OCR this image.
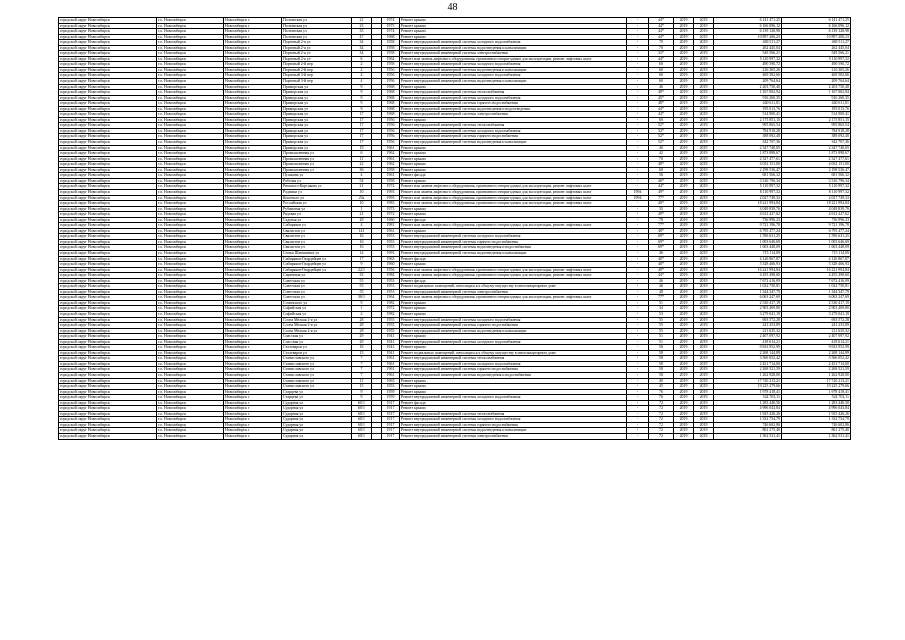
48
городской округ Новосибирск	г.о. Новосибирск	Новосибирск г	Полтавская ул	21		1974	Ремонт крыши	-	44*	2019	2019	6 141 471,25	6 141 471,25
городской округ Новосибирск	г.о. Новосибирск	Новосибирск г	Полтавская ул	23		1975	Ремонт крыши	-	44*	2019	2019	6 166 096,12	6 166 096,12
городской округ Новосибирск	г.о. Новосибирск	Новосибирск г	Полтавская ул	35		1974	Ремонт крыши	-	44*	2019	2019	6 139 128,98	6 139 128,98
городской округ Новосибирск	г.о. Новосибирск	Новосибирск г	Полтавская ул	47		1968	Ремонт крыши	-	44*	2019	2019	10 897 206,23	10 897 206,23
городской округ Новосибирск	г.о. Новосибирск	Новосибирск г	Портовый 2-я ул	34		1958	Ремонт внутридомовой инженерной системы холодного водоснабжения	-	70	2019	2019	469 511,27	469 511,27
городской округ Новосибирск	г.о. Новосибирск	Новосибирск г	Портовый 2-я ул	34		1958	Ремонт внутридомовой инженерной системы водоотведения и канализации	-	70	2019	2019	262 445,04	262 445,04
городской округ Новосибирск	г.о. Новосибирск	Новосибирск г	Портовый 2-я ул	34		1958	Ремонт внутридомовой инженерной системы электроснабжения	-	33*	2019	2019	549 566,21	549 566,21
городской округ Новосибирск	г.о. Новосибирск	Новосибирск г	Портовый 2-я ул	6		1964	Ремонт или замена лифтового оборудования, признанного непригодным для эксплуатации, ремонт лифтовых шахт	-	44*	2019	2019	5 110 997,32	5 110 997,32
городской округ Новосибирск	г.о. Новосибирск	Новосибирск г	Портовый 2-й пер	2		1958	Ремонт внутридомовой инженерной системы холодного водоснабжения	-	60	2019	2019	490 590,72	490 590,72
городской округ Новосибирск	г.о. Новосибирск	Новосибирск г	Портовый 2-й пер	2		1956	Ремонт внутридомовой инженерной системы водоотведения и канализации	-	60	2019	2019	216 365,26	216 365,26
городской округ Новосибирск	г.о. Новосибирск	Новосибирск г	Портовый 3-й пер	4		1956	Ремонт внутридомовой инженерной системы холодного водоснабжения	-	60	2019	2019	469 582,66	469 582,66
городской округ Новосибирск	г.о. Новосибирск	Новосибирск г	Портовый 3-й пер	4		1956	Ремонт внутридомовой инженерной системы водоотведения и канализации	-	60	2019	2019	209 764,64	209 764,64
городской округ Новосибирск	г.о. Новосибирск	Новосибирск г	Приморская ул	9		1968	Ремонт крыши	-	46	2019	2019	2 203 750,40	2 203 750,40
городской округ Новосибирск	г.о. Новосибирск	Новосибирск г	Приморская ул	9		1968	Ремонт внутридомовой инженерной системы теплоснабжения	-	48*	2019	2019	1 167 002,94	1 167 002,94
городской округ Новосибирск	г.о. Новосибирск	Новосибирск г	Приморская ул	9		1968	Ремонт внутридомовой инженерной системы холодного водоснабжения	-	45*	2019	2019	916 260,35	916 260,35
городской округ Новосибирск	г.о. Новосибирск	Новосибирск г	Приморская ул	9		1968	Ремонт внутридомовой инженерной системы горячего водоснабжения	-	48*	2019	2019	440 611,81	440 611,81
городской округ Новосибирск	г.о. Новосибирск	Новосибирск г	Приморская ул	9		1968	Ремонт внутридомовой инженерной системы водоотведения и водоотведения	-	44*	2019	2019	195 013,76	195 013,76
городской округ Новосибирск	г.о. Новосибирск	Новосибирск г	Приморская ул	17		1968	Ремонт внутридомовой инженерной системы электроснабжения	-	44*	2019	2019	514 900,41	514 900,41
городской округ Новосибирск	г.о. Новосибирск	Новосибирск г	Приморская ул	17		1956	Ремонт крыши	-	60	2019	2019	2 175 851,15	2 175 851,15
городской округ Новосибирск	г.о. Новосибирск	Новосибирск г	Приморская ул	17		1956	Ремонт внутридомовой инженерной системы теплоснабжения	-	52*	2019	2019	995 865,54	995 865,54
городской округ Новосибирск	г.о. Новосибирск	Новосибирск г	Приморская ул	17		1956	Ремонт внутридомовой инженерной системы холодного водоснабжения	-	52*	2019	2019	784 918,28	784 918,28
городской округ Новосибирск	г.о. Новосибирск	Новосибирск г	Приморская ул	17		1956	Ремонт внутридомовой инженерной системы горячего водоснабжения	-	52*	2019	2019	388 092,40	388 092,40
городской округ Новосибирск	г.о. Новосибирск	Новосибирск г	Приморская ул	17		1956	Ремонт внутридомовой инженерной системы водоотведения и канализации	-	52*	2019	2019	342 707,36	342 707,36
городской округ Новосибирск	г.о. Новосибирск	Новосибирск г	Приморская ул	19		1961	Ремонт крыши	-	40	2019	2019	2 347 740,05	2 347 740,05
городской округ Новосибирск	г.о. Новосибирск	Новосибирск г	Промышленная ул	6		1962	Ремонт крыши	-	42	2019	2019	1 873 898,67	1 873 898,67
городской округ Новосибирск	г.о. Новосибирск	Новосибирск г	Промышленная ул	11		1961	Ремонт крыши	-	70	2019	2019	2 327 477,61	2 327 477,61
городской округ Новосибирск	г.о. Новосибирск	Новосибирск г	Промышленная ул	22		1962	Ремонт крыши	-	48*	2019	2019	4 052 151,00	4 052 151,00
городской округ Новосибирск	г.о. Новосибирск	Новосибирск г	Промышленная ул	36		1958	Ремонт крыши	-	60	2019	2019	2 198 536,47	2 198 536,47
городской округ Новосибирск	г.о. Новосибирск	Новосибирск г	Пушкина ул	4		1961	Ремонт фасада	-	56	2019	2019	681 566,32	681 566,32
городской округ Новосибирск	г.о. Новосибирск	Новосибирск г	Рабочая ул	54		1958	Ремонт крыши	-	46*	2019	2019	3 316 796,34	3 316 796,34
городской округ Новосибирск	г.о. Новосибирск	Новосибирск г	Римского-Корсакова ул	21		1974	Ремонт или замена лифтового оборудования, признанного непригодным для эксплуатации, ремонт лифтовых шахт	-	44*	2019	2019	5 110 997,32	5 110 997,32
городской округ Новосибирск	г.о. Новосибирск	Новосибирск г	Родники ул	10		1993	Ремонт или замена лифтового оборудования, признанного непригодным для эксплуатации, ремонт лифтовых шахт	1994	49*	2019	2019	8 110 997,32	8 110 997,32
городской округ Новосибирск	г.о. Новосибирск	Новосибирск г	Кошевого ул	23а		1993	Ремонт или замена лифтового оборудования, признанного непригодным для эксплуатации, ремонт лифтовых шахт	1994	77*	2019	2019	2 027 749,33	2 027 749,33
городской округ Новосибирск	г.о. Новосибирск	Новосибирск г	Российская ул	10		1983	Ремонт или замена лифтового оборудования, признанного непригодным для эксплуатации, ремонт лифтовых шахт	-	40*	2019	2019	18 221 994,84	18 221 994,84
городской округ Новосибирск	г.о. Новосибирск	Новосибирск г	Рубиновая ул	1		1973	Ремонт крыши	-	35	2019	2019	4 049 839,76	4 049 839,76
городской округ Новосибирск	г.о. Новосибирск	Новосибирск г	Рядовая ул	21		1972	Ремонт крыши	-	49*	2019	2019	4 612 427,62	4 612 427,62
городской округ Новосибирск	г.о. Новосибирск	Новосибирск г	Садовая ул	29		1960	Ремонт фасада	-	78	2019	2019	736 996,23	736 996,23
городской округ Новосибирск	г.о. Новосибирск	Новосибирск г	Сибиряков ул	4		1981	Ремонт или замена лифтового оборудования, признанного непригодным для эксплуатации, ремонт лифтовых шахт	-	77*	2019	2019	9 721 196,78	9 721 196,78
городской округ Новосибирск	г.о. Новосибирск	Новосибирск г	Связистов ул	141		1961	Ремонт крыши	-	40*	2019	2019	6 795 477,24	6 795 477,24
городской округ Новосибирск	г.о. Новосибирск	Новосибирск г	Связистов ул	16		1953	Ремонт внутридомовой инженерной системы холодного водоснабжения	-	69*	2019	2019	1 596 631,25	1 596 631,25
городской округ Новосибирск	г.о. Новосибирск	Новосибирск г	Связистов ул	16		1953	Ремонт внутридомовой инженерной системы горячего водоснабжения	-	69*	2019	2019	1 003 646,69	1 003 646,69
городской округ Новосибирск	г.о. Новосибирск	Новосибирск г	Связистов ул	16		1953	Ремонт внутридомовой инженерной системы водоотведения и водоснабжения	-	69*	2019	2019	1 603 448,09	1 603 448,09
городской округ Новосибирск	г.о. Новосибирск	Новосибирск г	Семьи Шамшиных ул	14		1993	Ремонт внутридомовой инженерной системы водоотведения и канализации	-	46	2019	2019	715 114,09	715 114,09
городской округ Новосибирск	г.о. Новосибирск	Новосибирск г	Сибиряков-Гвардейцев ул	17		1963	Ремонт фасада	-	40*	2019	2019	4 126 867,87	4 126 867,87
городской округ Новосибирск	г.о. Новосибирск	Новосибирск г	Сибиряков-Гвардейцев ул	9		1960	Ремонт крыши	-	40*	2019	2019	5 328 466,93	5 328 466,93
городской округ Новосибирск	г.о. Новосибирск	Новосибирск г	Сибиряков-Гвардейцев ул	22/1		1956	Ремонт или замена лифтового оборудования, признанного непригодным для эксплуатации, ремонт лифтовых шахт	-	49*	2019	2019	16 221 994,84	16 221 994,84
городской округ Новосибирск	г.о. Новосибирск	Новосибирск г	Сиреневая ул	33		1984	Ремонт или замена лифтового оборудования, признанного непригодным для эксплуатации, ремонт лифтовых шахт	-	44*	2019	2019	4 455 498,60	4 455 498,60
городской округ Новосибирск	г.о. Новосибирск	Новосибирск г	Советская ул	55		1953	Ремонт фасада	-	46	2019	2019	7 672 416,09	7 672 416,09
городской округ Новосибирск	г.о. Новосибирск	Новосибирск г	Советская ул	55		1953	Ремонт подвальных помещений, относящихся к общему имуществу в многоквартирном доме	-	46	2019	2019	1 022 750,81	1 022 750,81
городской округ Новосибирск	г.о. Новосибирск	Новосибирск г	Советская ул	55		1953	Ремонт внутридомовой инженерной системы электроснабжения	-	48	2019	2019	1 344 347,79	1 344 347,79
городской округ Новосибирск	г.о. Новосибирск	Новосибирск г	Советская ул	36/1		1964	Ремонт или замена лифтового оборудования, признанного непригодным для эксплуатации, ремонт лифтовых шахт	-	77*	2019	2019	6 063 247,69	6 063 247,69
городской округ Новосибирск	г.о. Новосибирск	Новосибирск г	Сочинского ул	9		1982	Ремонт крыши	-	51	2019	2019	2 530 417,19	2 530 417,19
городской округ Новосибирск	г.о. Новосибирск	Новосибирск г	Софийская ул	1		1972	Ремонт крыши	-	34	2019	2019	2 903 409,80	2 903 409,80
городской округ Новосибирск	г.о. Новосибирск	Новосибирск г	Софийская ул	2		1982	Ремонт крыши	-	53	2019	2019	3 279 041,19	3 279 041,19
городской округ Новосибирск	г.о. Новосибирск	Новосибирск г	Сосна Мелкая 2-я ул	28		1955	Ремонт внутридомовой инженерной системы холодного водоснабжения	-	55	2019	2019	693 572,28	693 572,28
городской округ Новосибирск	г.о. Новосибирск	Новосибирск г	Сосна Мелкая 2-я ул	28		1955	Ремонт внутридомовой инженерной системы горячего водоснабжения	-	55	2019	2019	241 253,89	241 253,89
городской округ Новосибирск	г.о. Новосибирск	Новосибирск г	Сосна Мелкая 2-я ул	28		1955	Ремонт внутридомовой инженерной системы водоотведения и канализации	-	55	2019	2019	211 635,32	211 635,32
городской округ Новосибирск	г.о. Новосибирск	Новосибирск г	Спасская ул	29		1941	Ремонт крыши	-	51	2019	2019	2 407 097,92	2 407 097,92
городской округ Новосибирск	г.о. Новосибирск	Новосибирск г	Спасская ул	29		1941	Ремонт внутридомовой инженерной системы холодного водоснабжения	-	51	2019	2019	418 614,21	418 614,21
городской округ Новосибирск	г.о. Новосибирск	Новосибирск г	Сталеваров ул	16		1941	Ремонт крыши	-	56	2019	2019	9 633 952,99	9 633 952,99
городской округ Новосибирск	г.о. Новосибирск	Новосибирск г	Сталеваров ул	15		1941	Ремонт подвальных помещений, относящихся к общему имуществу в многоквартирном доме	-	58	2019	2019	2 268 144,89	2 268 144,89
городской округ Новосибирск	г.о. Новосибирск	Новосибирск г	Станиславского ул	7		1961	Ремонт внутридомовой инженерной системы теплоснабжения	-	58	2019	2019	3 566 052,42	3 566 052,42
городской округ Новосибирск	г.о. Новосибирск	Новосибирск г	Станиславского ул	7		1961	Ремонт внутридомовой инженерной системы холодного водоснабжения	-	58	2019	2019	2 451 714,00	2 451 714,00
городской округ Новосибирск	г.о. Новосибирск	Новосибирск г	Станиславского ул	7		1961	Ремонт внутридомовой инженерной системы горячего водоснабжения	-	58	2019	2019	2 268 521,59	2 268 521,59
городской округ Новосибирск	г.о. Новосибирск	Новосибирск г	Станиславского ул	7		1961	Ремонт внутридомовой инженерной системы водоотведения и водоснабжения	-	58	2019	2019	1 262 928,00	1 262 928,00
городской округ Новосибирск	г.о. Новосибирск	Новосибирск г	Станиславского ул	11		1963	Ремонт крыши	-	40	2019	2019	17 720 213,21	17 720 213,21
городской округ Новосибирск	г.о. Новосибирск	Новосибирск г	Станиславского ул	15		1953	Ремонт крыши	-	45	2019	2019	19 225 279,66	19 225 279,66
городской округ Новосибирск	г.о. Новосибирск	Новосибирск г	Старцева ул	9		1959	Ремонт крыши	-	76	2019	2019	1 978 418,41	1 978 418,41
городской округ Новосибирск	г.о. Новосибирск	Новосибирск г	Старцева ул	9		1959	Ремонт внутридомовой инженерной системы холодного водоснабжения	-	76	2019	2019	524 702,11	524 702,11
городской округ Новосибирск	г.о. Новосибирск	Новосибирск г	Сударная ул	60/1		1917	Ремонт фасада	-	72	2019	2019	1 283 446,50	1 283 446,50
городской округ Новосибирск	г.о. Новосибирск	Новосибирск г	Сударная ул	60/1		1917	Ремонт крыши	-	72	2019	2019	4 996 043,84	4 996 043,84
городской округ Новосибирск	г.о. Новосибирск	Новосибирск г	Сударная ул	60/1		1917	Ремонт внутридомовой инженерной системы теплоснабжения	-	72	2019	2019	1 925 426,26	1 925 426,26
городской округ Новосибирск	г.о. Новосибирск	Новосибирск г	Сударная ул	60/1		1917	Ремонт внутридомовой инженерной системы холодного водоснабжения	-	72	2019	2019	1 332 754,79	1 332 754,79
городской округ Новосибирск	г.о. Новосибирск	Новосибирск г	Сударная ул	60/1		1917	Ремонт внутридомовой инженерной системы горячего водоснабжения	-	72	2019	2019	746 602,86	746 602,86
городской округ Новосибирск	г.о. Новосибирск	Новосибирск г	Сударная ул	60/1		1917	Ремонт внутридомовой инженерной системы водоотведения и канализации	-	72	2019	2019	861 275,40	861 275,40
городской округ Новосибирск	г.о. Новосибирск	Новосибирск г	Сударная ул	60/1		1917	Ремонт внутридомовой инженерной системы электроснабжения	-	72	2019	2019	1 362 531,41	1 362 531,41
